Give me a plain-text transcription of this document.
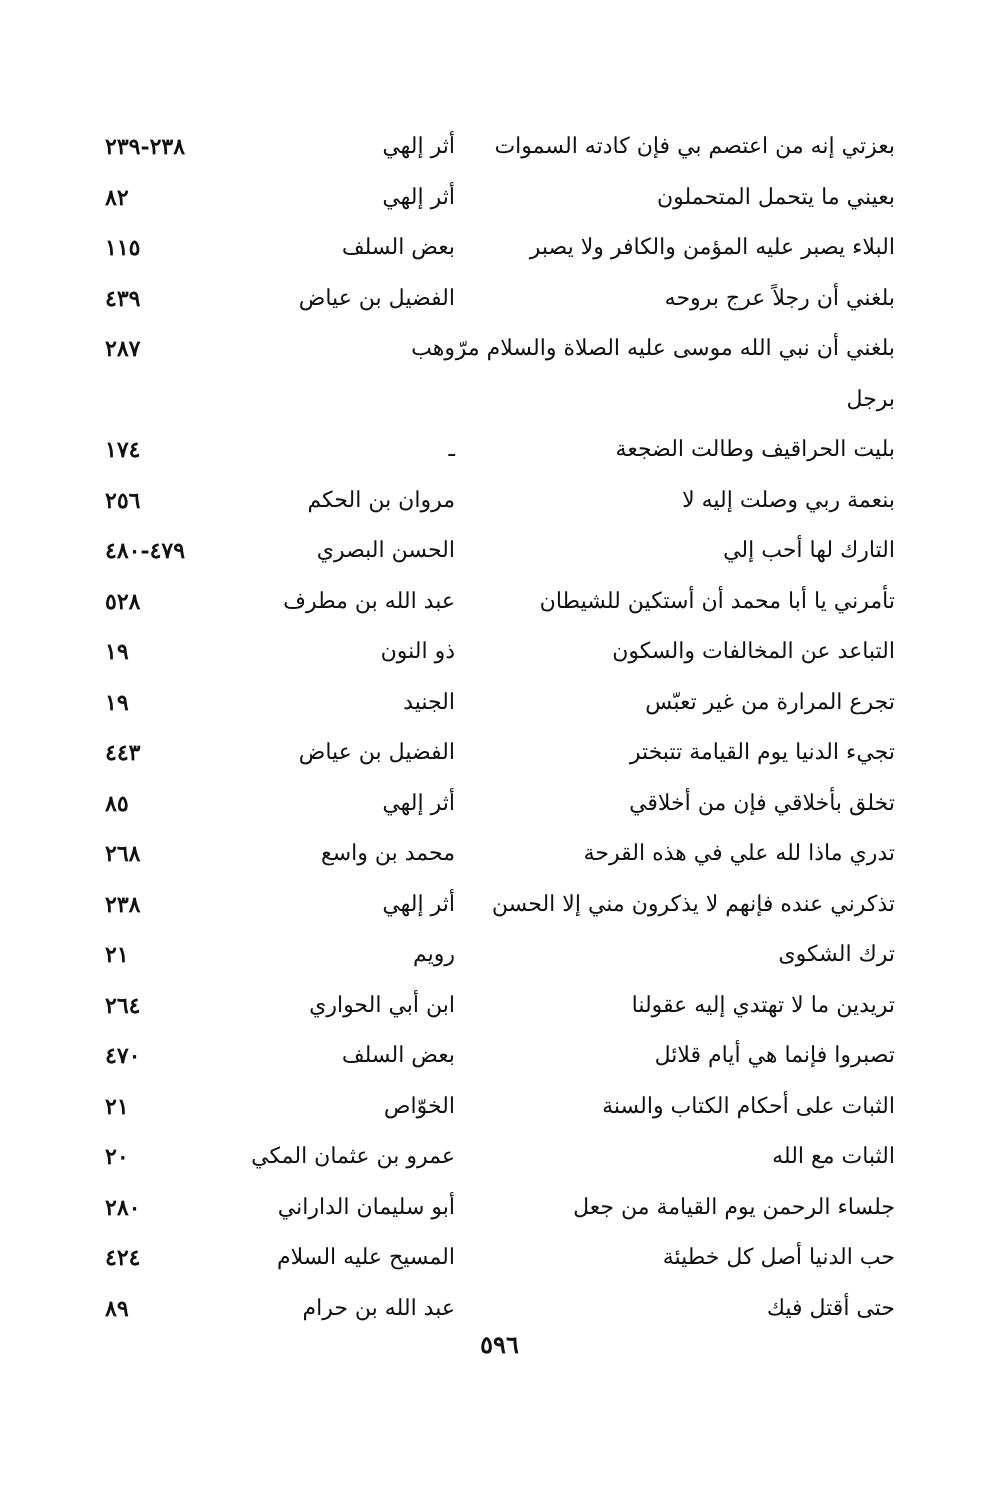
بعزتي إنه من اعتصم بي فإن كادته السموات
أثر إلهي
٢٣٨-٢٣٩
بعيني ما يتحمل المتحملون
أثر إلهي
٨٢
البلاء يصبر عليه المؤمن والكافر ولا يصبر
بعض السلف
١١٥
بلغني أن رجلاً عرج بروحه
الفضيل بن عياض
٤٣٩
بلغني أن نبي الله موسى عليه الصلاة والسلام مرّ
وهب
٢٨٧
برجل
بليت الحراقيف وطالت الضجعة
ـ
١٧٤
بنعمة ربي وصلت إليه لا
مروان بن الحكم
٢٥٦
التارك لها أحب إلي
الحسن البصري
٤٧٩-٤٨٠
تأمرني يا أبا محمد أن أستكين للشيطان
عبد الله بن مطرف
٥٢٨
التباعد عن المخالفات والسكون
ذو النون
١٩
تجرع المرارة من غير تعبّس
الجنيد
١٩
تجيء الدنيا يوم القيامة تتبختر
الفضيل بن عياض
٤٤٣
تخلق بأخلاقي فإن من أخلاقي
أثر إلهي
٨٥
تدري ماذا لله علي في هذه القرحة
محمد بن واسع
٢٦٨
تذكرني عنده فإنهم لا يذكرون مني إلا الحسن
أثر إلهي
٢٣٨
ترك الشكوى
رويم
٢١
تريدين ما لا تهتدي إليه عقولنا
ابن أبي الحواري
٢٦٤
تصبروا فإنما هي أيام قلائل
بعض السلف
٤٧٠
الثبات على أحكام الكتاب والسنة
الخوّاص
٢١
الثبات مع الله
عمرو بن عثمان المكي
٢٠
جلساء الرحمن يوم القيامة من جعل
أبو سليمان الداراني
٢٨٠
حب الدنيا أصل كل خطيئة
المسيح عليه السلام
٤٢٤
حتى أقتل فيك
عبد الله بن حرام
٨٩
٥٩٦
